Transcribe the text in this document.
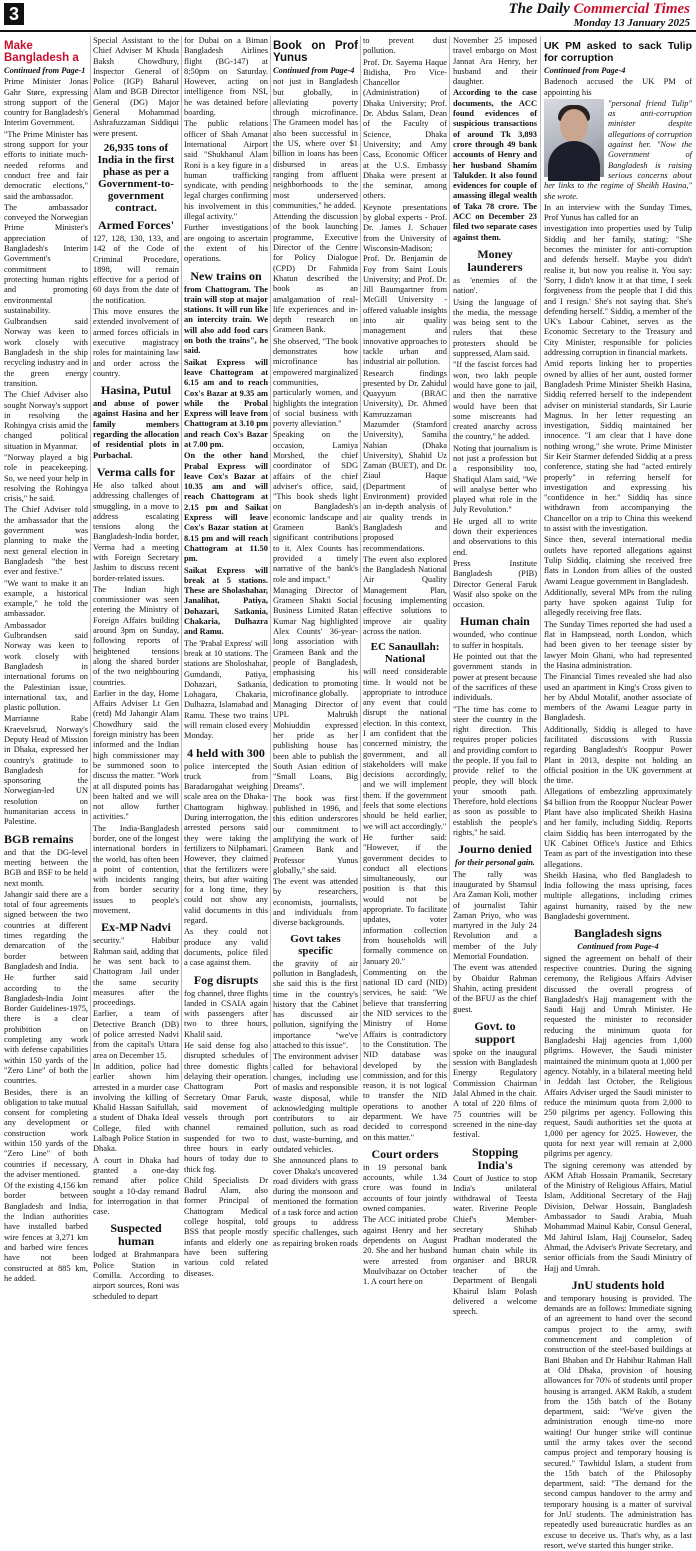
3	The Daily Commercial Times
Monday 13 January 2025
Make Bangladesh a
Continued from Page-1

Prime Minister Jonas Gahr Støre, expressing strong support of the country for Bangladesh's Interim Government.

"The Prime Minister has strong support for your efforts to initiate much-needed reforms and conduct free and fair democratic elections," said the ambassador.

The ambassador conveyed the Norwegian Prime Minister's appreciation of Bangladesh's Interim Government's commitment to protecting human rights and promoting environmental sustainability.

Gulbrandsen said Norway was keen to work closely with Bangladesh in the ship recycling industry and in the green energy transition.

The Chief Adviser also sought Norway's support in resolving the Rohingya crisis amid the changed political situation in Myanmar.

"Norway played a big role in peacekeeping. So, we need your help in resolving the Rohingya crisis," he said.

The Chief Adviser told the ambassador that the government was planning to make the next general election in Bangladesh "the best ever and festive."

"We want to make it an example, a historical example," he told the ambassador.

Ambassador Gulbrandsen said Norway was keen to work closely with Bangladesh in international forums on the Palestinian issue, international tax, and plastic pollution.

Marrianne Rabe Kraevelsrud, Norway's Deputy Head of Mission in Dhaka, expressed her country's gratitude to Bangladesh for sponsoring the Norwegian-led UN resolution on humanitarian access in Palestine.

BGB remains

and that the DG-level meeting between the BGB and BSF to be held next month.

Jahangir said there are a total of four agreements signed between the two countries at different times regarding the demarcation of the border between Bangladesh and India.

He further said according to the Bangladesh-India Joint Border Guidelines-1975, there is a clear prohibition on completing any work with defense capabilities within 150 yards of the "Zero Line" of both the countries.

Besides, there is an obligation to take mutual consent for completing any development or construction work within 150 yards of the "Zero Line" of both countries if necessary, the adviser mentioned.

Of the existing 4,156 km border between Bangladesh and India, the Indian authorities have installed barbed wire fences at 3,271 km and barbed wire fences have not been constructed at 885 km, he added.

Special Assistant to the Chief Adviser M Khuda Baksh Chowdhury, Inspector General of Police (IGP) Baharul Alam and BGB Director General (DG) Major General Mohammad Ashrafuzzaman Siddiqui were present.

26,935 tons of India in the first phase as per a Government-to-government contract.
Armed Forces'

127, 128, 130, 133, and 142 of the Code of Criminal Procedure, 1898, will remain effective for a period of 60 days from the date of the notification.

This move ensures the extended involvement of armed forces officials in executive magistracy roles for maintaining law and order across the country.

Hasina, Putul

and abuse of power against Hasina and her family members regarding the allocation of residential plots in Purbachal.

Verma calls for

He also talked about addressing challenges of smuggling, in a move to address escalating tensions along the Bangladesh-India border, Verma had a meeting with Foreign Secretary Jashim to discuss recent border-related issues.

The Indian high commissioner was seen entering the Ministry of Foreign Affairs building around 3pm on Sunday, following reports of heightened tensions along the shared border of the two neighbouring countries.

Earlier in the day, Home Affairs Adviser Lt Gen (retd) Md Jahangir Alam Chowdhury said the foreign ministry has been informed and the Indian high commissioner may be summoned soon to discuss the matter. "Work at all disputed points has been halted and we will not allow further activities."

The India-Bangladesh border, one of the longest international borders in the world, has often been a point of contention, with incidents ranging from border security issues to people's movement.

Ex-MP Nadvi

security." Habibur Rahman said, adding that he was sent back to Chattogram Jail under the same security measures after the proceedings.

Earlier, a team of Detective Branch (DB) of police arrested Nadvi from the capital's Uttara area on December 15.

In addition, police had earlier shown him arrested in a murder case involving the killing of Khalid Hassan Saifullah, a student of Dhaka Ideal College, filed with Lalbagh Police Station in Dhaka.

A court in Dhaka had granted a one-day remand after police sought a 10-day remand for interrogation in that case.

Suspected human

lodged at Brahmanpara Police Station in Comilla. According to airport sources, Roni was scheduled to depart

for Dubai on a Biman Bangladesh Airlines flight (BG-147) at 8:50pm on Saturday. However, acting on intelligence from NSI, he was detained before boarding.

The public relations officer of Shah Amanat International Airport said "Shukhanul Alam Roni is a key figure in a human trafficking syndicate, with pending legal charges confirming his involvement in this illegal activity."

Further investigations are ongoing to ascertain the extent of his operations.

New trains on

from Chattogram. The train will stop at major stations. It will run like an intercity train. We will also add food cars on both the trains", he said.

Saikat Express will leave Chattogram at 6.15 am and to reach Cox's Bazar at 9.35 am while the Probal Express will leave from Chattogram at 3.10 pm and reach Cox's Bazar at 7.00 pm.

On the other hand Prabal Express will leave Cox's Bazar at 10.35 am and will reach Chattogram at 2.15 pm and Saikat Express will leave Cox's Bazar station at 8.15 pm and will reach Chattogram at 11.50 pm.

Saikat Express will break at 5 stations. These are Sholashahar, Janalihat, Patiya, Dohazari, Satkania, Chakaria, Dulhazra and Ramu.

The 'Prabal Express' will break at 10 stations. The stations are Sholoshahar, Gumdandi, Patiya, Dohazari, Satkania, Lohagara, Chakaria, Dulhazra, Islamabad and Ramu. These two trains will remain closed every Monday.

4 held with 300

police intercepted the truck from Baradarogahat weighing scale area on the Dhaka-Chattogram highway. During interrogation, the arrested persons said they were taking the fertilizers to Nilphamari. However, they claimed that the fertilizers were theirs, but after waiting for a long time, they could not show any valid documents in this regard.

As they could not produce any valid documents, police filed a case against them.

Fog disrupts

fog channel, three flights landed in CSAIA again with passengers after two to three hours, Khalil said.

He said dense fog also disrupted schedules of three domestic flights delaying their operation. Chattogram Port Secretary Omar Faruk, said movement of vessels through port channel remained suspended for two to three hours in early hours of today due to thick fog.

Child Specialists Dr Badrul Alam, also former Principal of Chattogram Medical college hospital, told BSS that people mostly infants and elderly one have been suffering various cold related diseases.

Book on Prof Yunus
Continued from Page-4

not just in Bangladesh but globally, in alleviating poverty through microfinance. The Grameen model has also been successful in the US, where over $1 billion in loans has been disbursed in areas ranging from affluent neighborhoods to the most underserved communities," he added.

Attending the discussion of the book launching programme, Executive Director of the Centre for Policy Dialogue (CPD) Dr Fahmida Khatun described the book as an amalgamation of real-life experiences and in-depth research on Grameen Bank.

She observed, "The book demonstrates how microfinance has empowered marginalized communities, particularly women, and highlights the integration of social business with poverty alleviation."

Speaking on the occasion, Lamiya Morshed, the chief coordinator of SDG affairs of the chief adviser's office, said, "This book sheds light on Bangladesh's economic landscape and Grameen Bank's significant contributions to it. Alex Counts has provided a timely narrative of the bank's role and impact."

Managing Director of Grameen Shakti Social Business Limited Ratan Kumar Nag highlighted Alex Counts' 36-year-long association with Grameen Bank and the people of Bangladesh, emphasising his dedication to promoting microfinance globally.

Managing Director of UPL Mahrukh Mohiuddin expressed her pride as her publishing house has been able to publish the South Asian edition of "Small Loans, Big Dreams".

The book was first published in 1996, and this edition underscores our commitment to amplifying the work of Grameen Bank and Professor Yunus globally," she said.

The event was attended by researchers, economists, journalists, and individuals from diverse backgrounds.

Govt takes specific

the gravity of air pollution in Bangladesh, she said this is the first time in the country's history that the Cabinet has discussed air pollution, signifying the importance "we've attached to this issue".

The environment adviser called for behavioral changes, including use of masks and responsible waste disposal, while acknowledging multiple contributors to air pollution, such as road dust, waste-burning, and outdated vehicles.

She announced plans to cover Dhaka's uncovered road dividers with grass during the monsoon and mentioned the formation of a task force and action groups to address specific challenges, such as repairing broken roads

to prevent dust pollution.

Prof. Dr. Sayema Haque Bidisha, Pro Vice-Chancellor (Administration) of Dhaka University; Prof. Dr. Abdus Salam, Dean of the Faculty of Science, Dhaka University; and Amy Cass, Economic Officer at the U.S. Embassy Dhaka were present at the seminar, among others.

Keynote presentations by global experts - Prof. Dr. James J. Schauer from the University of Wisconsin-Madison; Prof. Dr. Benjamin de Foy from Saint Louis University; and Prof. Dr. Jill Baumgartner from McGill University - offered valuable insights into air quality management and innovative approaches to tackle urban and industrial air pollution.

Research findings presented by Dr. Zahidul Quayyum (BRAC University), Dr. Ahmed Kamruzzaman Mazumder (Stamford University), Samiha Nahian (Dhaka University), Shahid Uz Zaman (BUET), and Dr. Ziaul Haque (Department of Environment) provided an in-depth analysis of air quality trends in Bangladesh and proposed recommendations.

The event also explored the Bangladesh National Air Quality Management Plan, focusing implementing effective solutions to improve air quality across the nation.

EC Sanaullah: National

will need considerable time. It would not be appropriate to introduce any event that could disrupt the national election. In this context, I am confident that the concerned ministry, the government, and all stakeholders will make decisions accordingly, and we will implement them. If the government feels that some elections should be held earlier, we will act accordingly."

He further said: "However, if the government decides to conduct all elections simultaneously, our position is that this would not be appropriate. To facilitate updates, voter information collection from households will formally commence on January 20."

Commenting on the national ID card (NID) services, he said: "We believe that transferring the NID services to the Ministry of Home Affairs is contradictory to the Constitution. The NID database was developed by the commission, and for this reason, it is not logical to transfer the NID operations to another department. We have decided to correspond on this matter."

Court orders

in 19 personal bank accounts, while 1.34 crore was found in accounts of four jointly owned companies.

The ACC initiated probe against Henry and her dependents on August 20. She and her husband were arrested from Moulvibazar on October 1. A court here on

November 25 imposed travel embargo on Most Jannat Ara Henry, her husband and their daughter.

According to the case documents, the ACC found evidences of suspicious transactions of around Tk 3,893 crore through 49 bank accounts of Henry and her husband Shamim Talukder. It also found evidences for couple of amassing illegal wealth of Taka 78 crore. The ACC on December 23 filed two separate cases against them.

Money launderers

as 'enemies of the nation'.

Using the language of the media, the message was being sent to the rulers that these protesters should be suppressed, Alam said.

"If the fascist forces had won, two lakh people would have gone to jail, and then the narrative would have been that some miscreants had created anarchy across the country," he added.

Noting that journalism is not just a profession but a responsibility too, Shafiqul Alam said, "We will analyse better who played what role in the July Revolution."

He urged all to write down their experiences and observations to this end.

Press Institute Bangladesh (PIB) Director General Faruk Wasif also spoke on the occasion.

Human chain

wounded, who continue to suffer in hospitals.

He pointed out that the government stands in power at present because of the sacrifices of these individuals.

"The time has come to steer the country in the right direction. This requires proper policies and providing comfort to the people. If you fail to provide relief to the people, they will block your smooth path. Therefore, hold elections as soon as possible to establish the people's rights," he said.

Journo denied
for their personal gain.

The rally was inaugurated by Shamsul Ara Zaman Koli, mother of journalist Tahir Zaman Priyo, who was martyred in the July 24 Revolution and a member of the July Memorial Foundation.

The event was attended by Obaidur Rahman Shahin, acting president of the BFUJ as the chief guest.

Govt. to support

spoke on the inaugural session with Bangladesh Energy Regulatory Commission Chairman Jalal Ahmed in the chair. A total of 220 films of 75 countries will be screened in the nine-day festival.

Stopping India's

Court of Justice to stop India's unilateral withdrawal of Teesta water. Riverine People Chief's Member-secretary Shihab Pradhan moderated the human chain while its organiser and BRUR teacher of the Department of Bengali Khairul Islam Polash delivered a welcome speech.

UK PM asked to sack Tulip for corruption
Continued from Page-4

Badenoch accused the UK PM of appointing his

"personal friend Tulip" as anti-corruption minister despite allegations of corruption against her. "Now the Government of Bangladesh is raising serious concerns about her links to the regime of Sheikh Hasina," she wrote.

In an interview with the Sunday Times, Prof Yunus has called for an

investigation into properties used by Tulip Siddiq and her family, stating: "She becomes the minister for anti-corruption and defends herself. Maybe you didn't realise it, but now you realise it. You say: 'Sorry, I didn't know it at that time, I seek forgiveness from the people that I did this and I resign.' She's not saying that. She's defending herself." Siddiq, a member of the UK's Labour Cabinet, serves as the Economic Secretary to the Treasury and City Minister, responsible for policies addressing corruption in financial markets.

Amid reports linking her to properties owned by allies of her aunt, ousted former Bangladesh Prime Minister Sheikh Hasina, Siddiq referred herself to the independent adviser on ministerial standards, Sir Laurie Magnus. In her letter requesting an investigation, Siddiq maintained her innocence. "I am clear that I have done nothing wrong," she wrote. Prime Minister Sir Keir Starmer defended Siddiq at a press conference, stating she had "acted entirely properly" in referring herself for investigation and expressing his "confidence in her." Siddiq has since withdrawn from accompanying the Chancellor on a trip to China this weekend to assist with the investigation.

Since then, several international media outlets have reported allegations against Tulip Siddiq, claiming she received free flats in London from allies of the ousted Awami League government in Bangladesh.

Additionally, several MPs from the ruling party have spoken against Tulip for allegedly receiving free flats.

The Sunday Times reported she had used a flat in Hampstead, north London, which had been given to her teenage sister by lawyer Moin Ghani, who had represented the Hasina administration.

The Financial Times revealed she had also used an apartment in King's Cross given to her by Abdul Motalif, another associate of members of the Awami League party in Bangladesh.

Additionally, Siddiq is alleged to have facilitated discussions with Russia regarding Bangladesh's Rooppur Power Plant in 2013, despite not holding an official position in the UK government at the time.

Allegations of embezzling approximately $4 billion from the Rooppur Nuclear Power Plant have also implicated Sheikh Hasina and her family, including Siddiq. Reports claim Siddiq has been interrogated by the UK Cabinet Office's Justice and Ethics Team as part of the investigation into these allegations.

Sheikh Hasina, who fled Bangladesh to India following the mass uprising, faces multiple allegations, including crimes against humanity, raised by the new Bangladeshi government.

Bangladesh signs
Continued from Page-4

signed the agreement on behalf of their respective countries. During the signing ceremony, the Religious Affairs Adviser discussed the overall progress of Bangladesh's Hajj management with the Saudi Hajj and Umrah Minister. He requested the minister to reconsider reducing the minimum quota for Bangladeshi Hajj agencies from 1,000 pilgrims. However, the Saudi minister maintained the minimum quota at 1,000 per agency. Notably, in a bilateral meeting held in Jeddah last October, the Religious Affairs Adviser urged the Saudi minister to reduce the minimum quota from 2,000 to 250 pilgrims per agency. Following this request, Saudi authorities set the quota at 1,000 per agency for 2025. However, the quota for next year will remain at 2,000 pilgrims per agency.

The signing ceremony was attended by AKM Aftab Hossain Pramanik, Secretary of the Ministry of Religious Affairs, Matiul Islam, Additional Secretary of the Hajj Division, Delwar Hossain, Bangladesh Ambassador to Saudi Arabia, Muah Mohammad Mainul Kabir, Consul General, Md Jahirul Islam, Hajj Counselor, Sadeq Ahmad, the Adviser's Private Secretary, and senior officials from the Saudi Ministry of Hajj and Umrah.

JnU students hold

and temporary housing is provided. The demands are as follows: Immediate signing of an agreement to hand over the second campus project to the army, swift commencement and completion of construction of the steel-based buildings at Bani Bhaban and Dr Habibur Rahman Hall at Old Dhaka, provision of housing allowances for 70% of students until proper housing is arranged. AKM Rakib, a student from the 15th batch of the Botany department, said: "We've given the administration enough time-no more waiting! Our hunger strike will continue until the army takes over the second campus project and temporary housing is secured." Tawhidul Islam, a student from the 15th batch of the Philosophy department, said: "The demand for the second campus handover to the army and temporary housing is a matter of survival for JnU students. The administration has repeatedly used bureaucratic hurdles as an excuse to deceive us. That's why, as a last resort, we've started this hunger strike.
